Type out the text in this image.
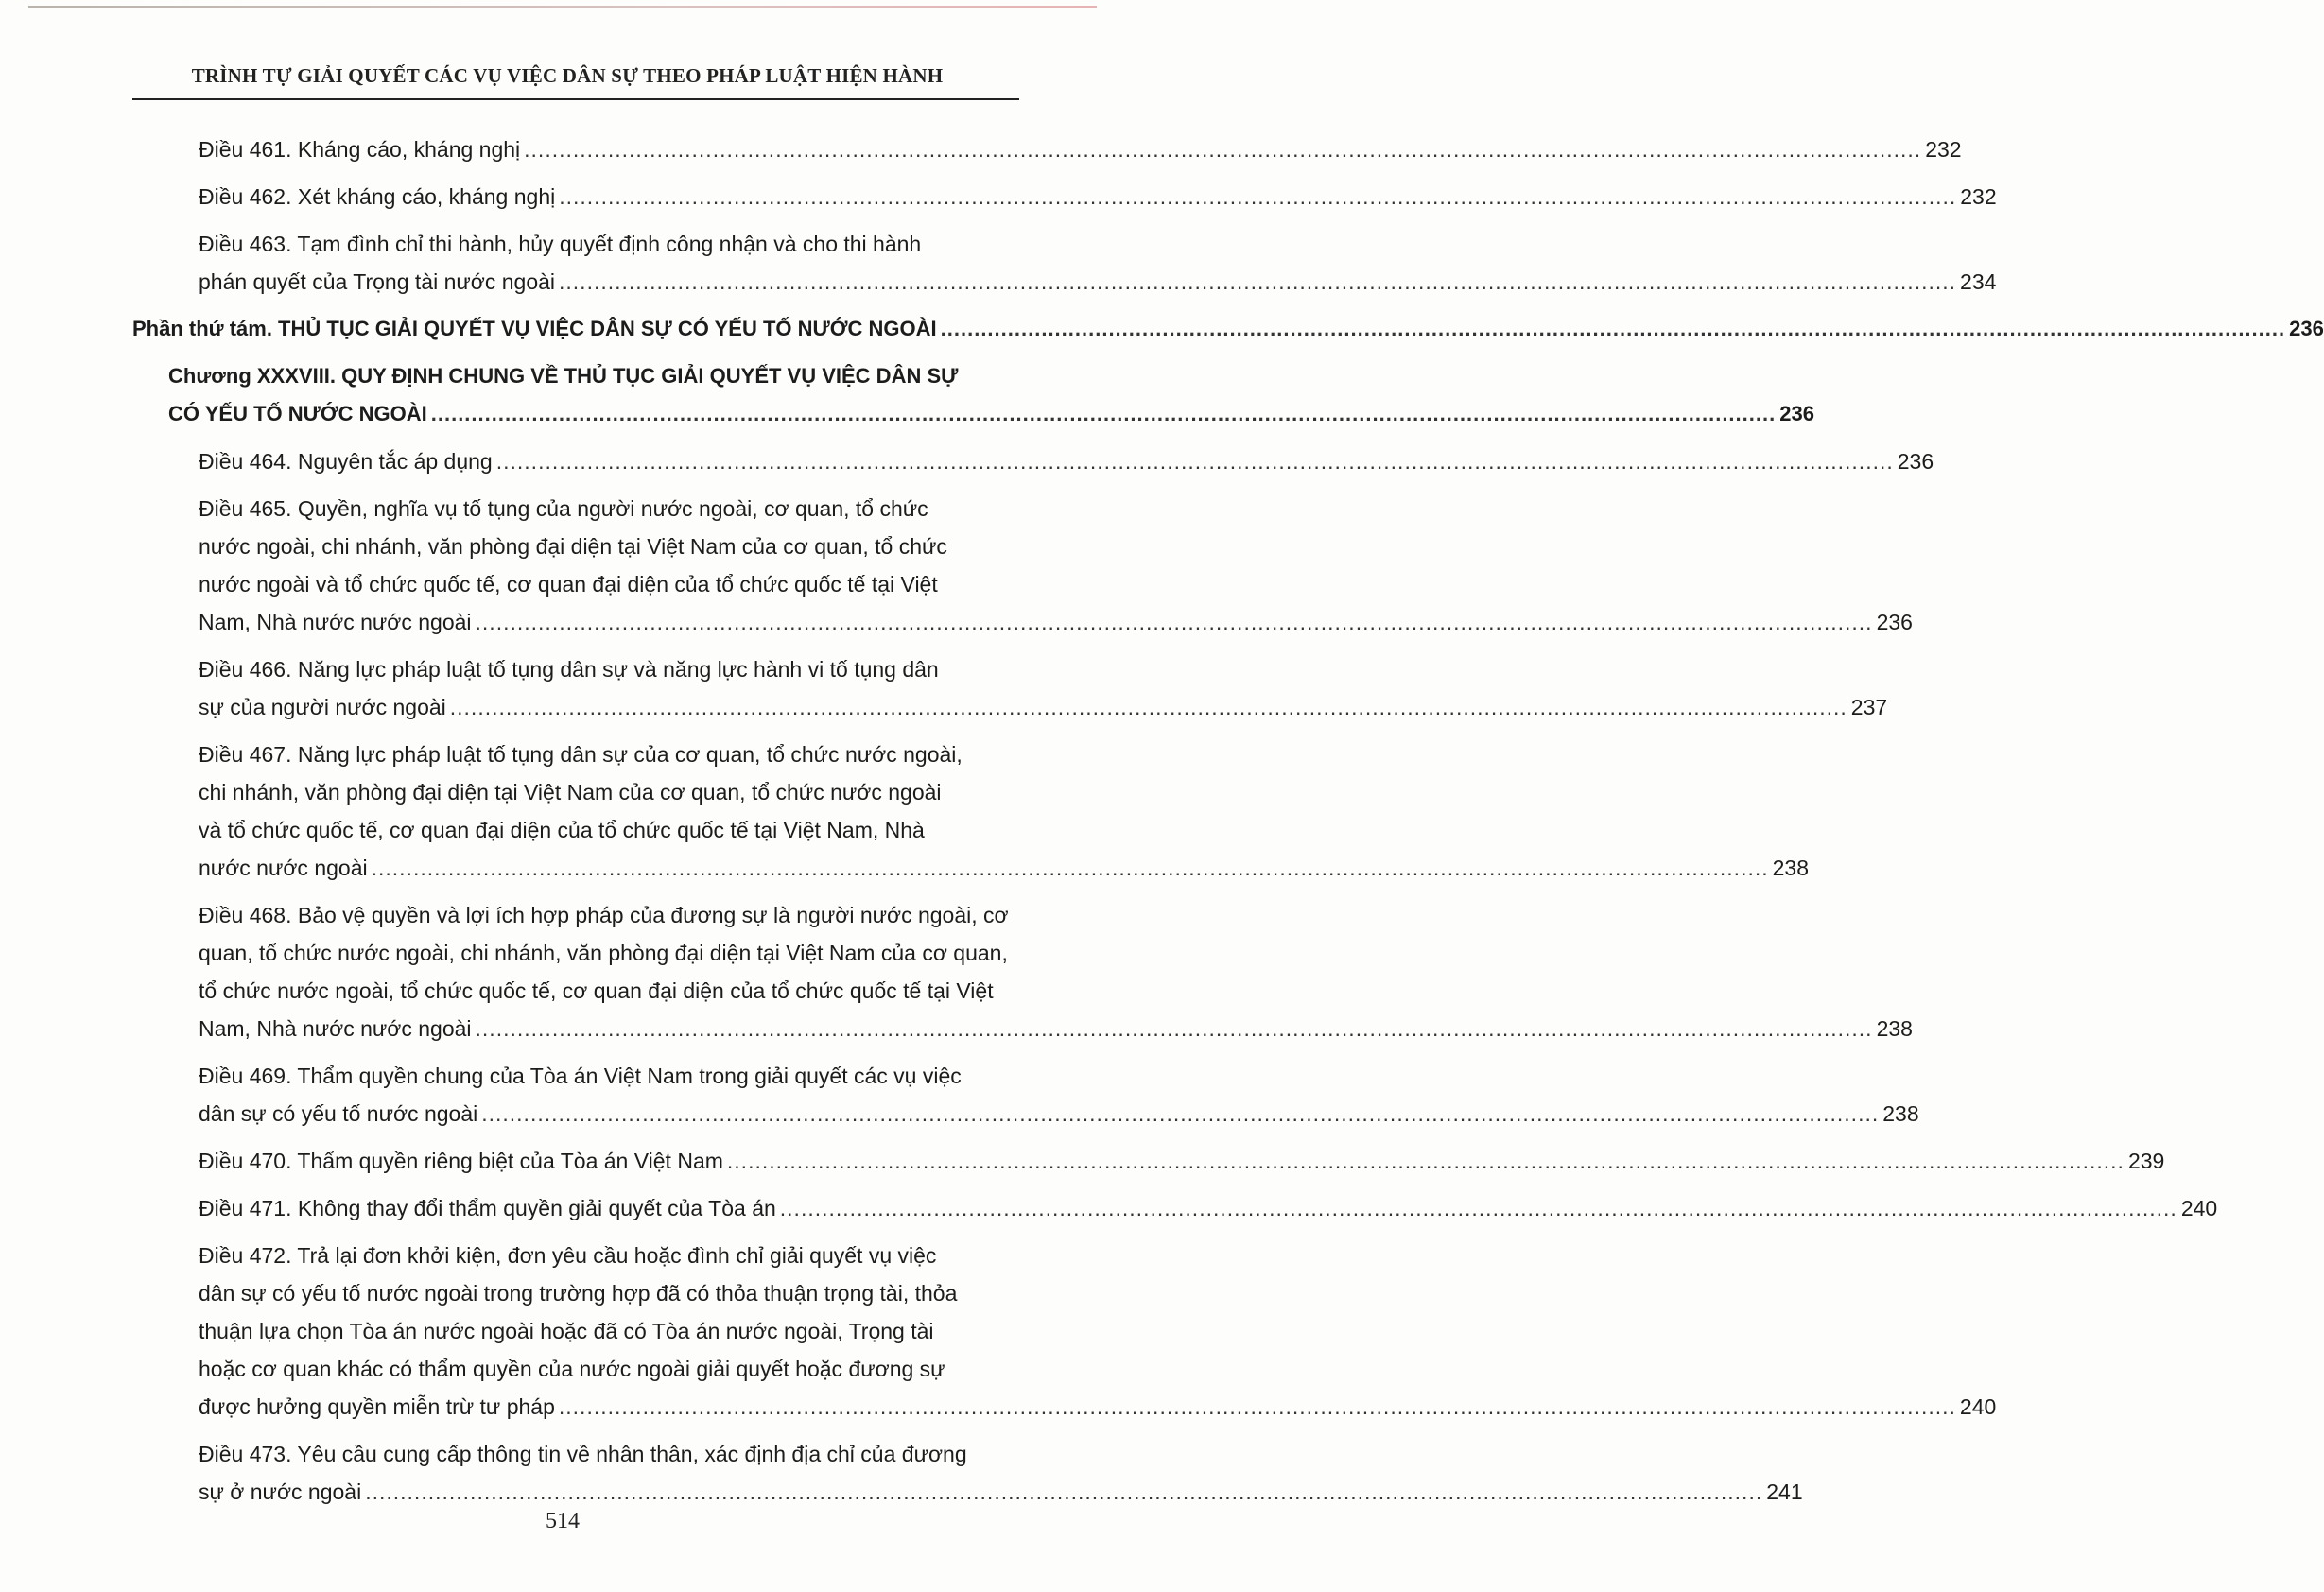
TRÌNH TỰ GIẢI QUYẾT CÁC VỤ VIỆC DÂN SỰ THEO PHÁP LUẬT HIỆN HÀNH
Điều 461. Kháng cáo, kháng nghị ........................................................................................................................................................................................................ 232
Điều 462. Xét kháng cáo, kháng nghị ........................................................................................................................................................................................................ 232
Điều 463. Tạm đình chỉ thi hành, hủy quyết định công nhận và cho thi hành
phán quyết của Trọng tài nước ngoài ........................................................................................................................................................................................................ 234
Phần thứ tám. THỦ TỤC GIẢI QUYẾT VỤ VIỆC DÂN SỰ CÓ YẾU TỐ NƯỚC NGOÀI ........................................................................................................................................................................................................ 236
Chương XXXVIII. QUY ĐỊNH CHUNG VỀ THỦ TỤC GIẢI QUYẾT VỤ VIỆC DÂN SỰ
CÓ YẾU TỐ NƯỚC NGOÀI ........................................................................................................................................................................................................ 236
Điều 464. Nguyên tắc áp dụng ........................................................................................................................................................................................................ 236
Điều 465. Quyền, nghĩa vụ tố tụng của người nước ngoài, cơ quan, tổ chức
nước ngoài, chi nhánh, văn phòng đại diện tại Việt Nam của cơ quan, tổ chức
nước ngoài và tổ chức quốc tế, cơ quan đại diện của tổ chức quốc tế tại Việt
Nam, Nhà nước nước ngoài ........................................................................................................................................................................................................ 236
Điều 466. Năng lực pháp luật tố tụng dân sự và năng lực hành vi tố tụng dân
sự của người nước ngoài ........................................................................................................................................................................................................ 237
Điều 467. Năng lực pháp luật tố tụng dân sự của cơ quan, tổ chức nước ngoài,
chi nhánh, văn phòng đại diện tại Việt Nam của cơ quan, tổ chức nước ngoài
và tổ chức quốc tế, cơ quan đại diện của tổ chức quốc tế tại Việt Nam, Nhà
nước nước ngoài ........................................................................................................................................................................................................ 238
Điều 468. Bảo vệ quyền và lợi ích hợp pháp của đương sự là người nước ngoài, cơ
quan, tổ chức nước ngoài, chi nhánh, văn phòng đại diện tại Việt Nam của cơ quan,
tổ chức nước ngoài, tổ chức quốc tế, cơ quan đại diện của tổ chức quốc tế tại Việt
Nam, Nhà nước nước ngoài ........................................................................................................................................................................................................ 238
Điều 469. Thẩm quyền chung của Tòa án Việt Nam trong giải quyết các vụ việc
dân sự có yếu tố nước ngoài ........................................................................................................................................................................................................ 238
Điều 470. Thẩm quyền riêng biệt của Tòa án Việt Nam ........................................................................................................................................................................................................ 239
Điều 471. Không thay đổi thẩm quyền giải quyết của Tòa án ........................................................................................................................................................................................................ 240
Điều 472. Trả lại đơn khởi kiện, đơn yêu cầu hoặc đình chỉ giải quyết vụ việc
dân sự có yếu tố nước ngoài trong trường hợp đã có thỏa thuận trọng tài, thỏa
thuận lựa chọn Tòa án nước ngoài hoặc đã có Tòa án nước ngoài, Trọng tài
hoặc cơ quan khác có thẩm quyền của nước ngoài giải quyết hoặc đương sự
được hưởng quyền miễn trừ tư pháp ........................................................................................................................................................................................................ 240
Điều 473. Yêu cầu cung cấp thông tin về nhân thân, xác định địa chỉ của đương
sự ở nước ngoài ........................................................................................................................................................................................................ 241
514
